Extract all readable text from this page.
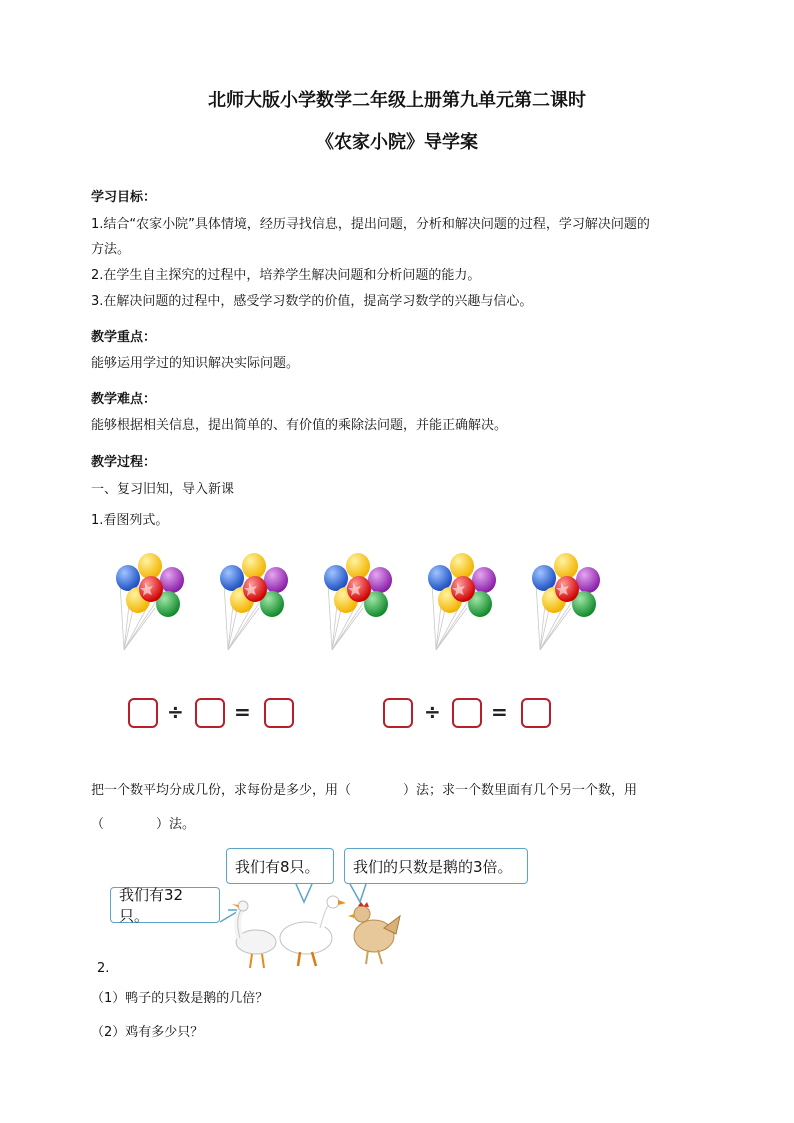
北师大版小学数学二年级上册第九单元第二课时
《农家小院》导学案
学习目标：
1.结合“农家小院”具体情境，经历寻找信息，提出问题，分析和解决问题的过程，学习解决问题的
方法。
2.在学生自主探究的过程中，培养学生解决问题和分析问题的能力。
3.在解决问题的过程中，感受学习数学的价值，提高学习数学的兴趣与信心。
教学重点：
能够运用学过的知识解决实际问题。
教学难点：
能够根据相关信息，提出简单的、有价值的乘除法问题，并能正确解决。
教学过程：
一、复习旧知，导入新课
1.看图列式。
÷	=	÷	=
把一个数平均分成几份，求每份是多少，用（　　　　）法；求一个数里面有几个另一个数，用
（　　　　）法。
我们有8只。 我们的只数是鹅的3倍。
我们有32只。
2.
（1）鸭子的只数是鹅的几倍？
（2）鸡有多少只？
